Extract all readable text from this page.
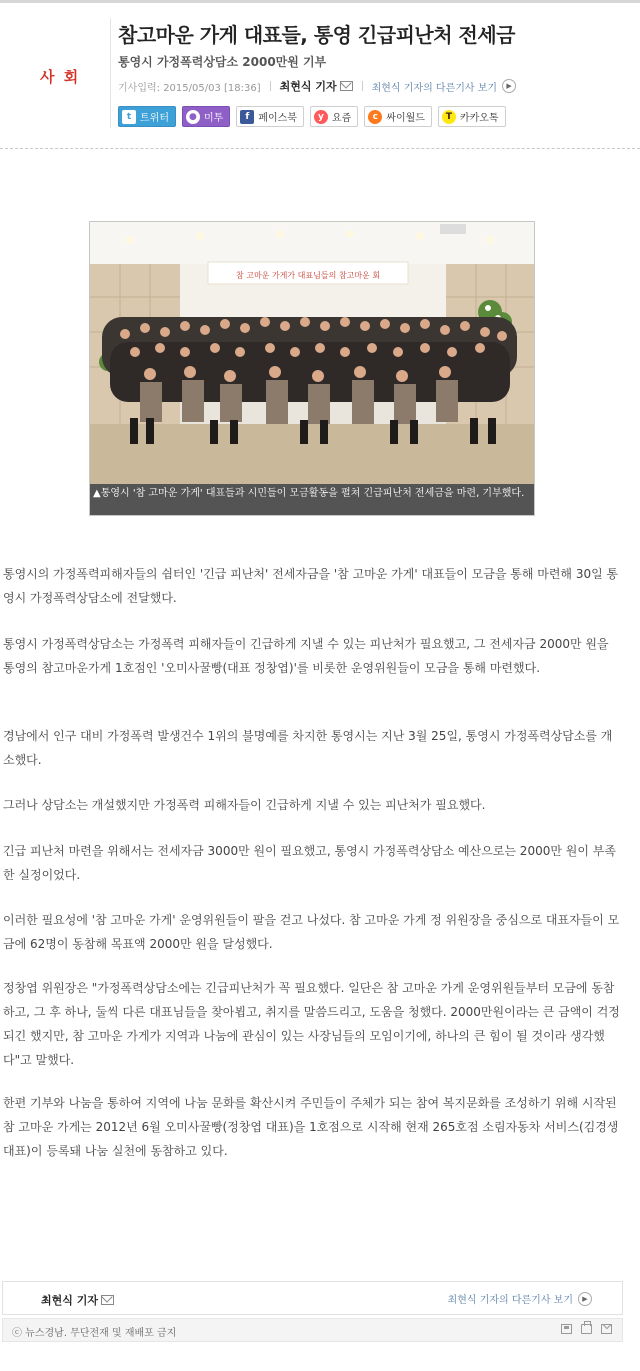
사 회
참고마운 가게 대표들, 통영 긴급피난처 전세금
통영시 가정폭력상담소 2000만원 기부
기사입력: 2015/05/03 [18:36] 최현식 기자	최현식 기자의 다른기사 보기	▶
t 트위터	● 미투	f 페이스북	y 요즘	c 싸이월드	T 카카오톡
참 고마운 가게가 대표님들의 참고마운 회
▲통영시 '참 고마운 가게' 대표들과 시민들이 모금활동을 펼쳐 긴급피난처 전세금을 마련, 기부했다.

통영시의 가정폭력피해자들의 쉼터인 '긴급 피난처' 전세자금을 '참 고마운 가게' 대표들이 모금을 통해 마련해 30일 통영시 가정폭력상담소에 전달했다.

통영시 가정폭력상담소는 가정폭력 피해자들이 긴급하게 지낼 수 있는 피난처가 필요했고, 그 전세자금 2000만 원을 통영의 참고마운가게 1호점인 '오미사꿀빵(대표 정창엽)'를 비롯한 운영위원들이 모금을 통해 마련했다.

경남에서 인구 대비 가정폭력 발생건수 1위의 불명예를 차지한 통영시는 지난 3월 25일, 통영시 가정폭력상담소를 개소했다.

그러나 상담소는 개설했지만 가정폭력 피해자들이 긴급하게 지낼 수 있는 피난처가 필요했다.

긴급 피난처 마련을 위해서는 전세자금 3000만 원이 필요했고, 통영시 가정폭력상담소 예산으로는 2000만 원이 부족한 실정이었다.

이러한 필요성에 '참 고마운 가게' 운영위원들이 팔을 걷고 나섰다. 참 고마운 가게 정 위원장을 중심으로 대표자들이 모금에 62명이 동참해 목표액 2000만 원을 달성했다.

정창엽 위원장은 "가정폭력상담소에는 긴급피난처가 꼭 필요했다. 일단은 참 고마운 가게 운영위원들부터 모금에 동참하고, 그 후 하나, 둘씩 다른 대표님들을 찾아뵙고, 취지를 말씀드리고, 도움을 청했다. 2000만원이라는 큰 금액이 걱정되긴 했지만, 참 고마운 가게가 지역과 나눔에 관심이 있는 사장님들의 모임이기에, 하나의 큰 힘이 될 것이라 생각했다"고 말했다.

한편 기부와 나눔을 통하여 지역에 나눔 문화를 확산시켜 주민들이 주체가 되는 참여 복지문화를 조성하기 위해 시작된 참 고마운 가게는 2012년 6월 오미사꿀빵(정창엽 대표)을 1호점으로 시작해 현재 265호점 소림자동차 서비스(김경생 대표)이 등록돼 나눔 실천에 동참하고 있다.

최현식 기자	최현식 기자의 다른기사 보기	▶
ⓒ 뉴스경남. 무단전재 및 재배포 금지
